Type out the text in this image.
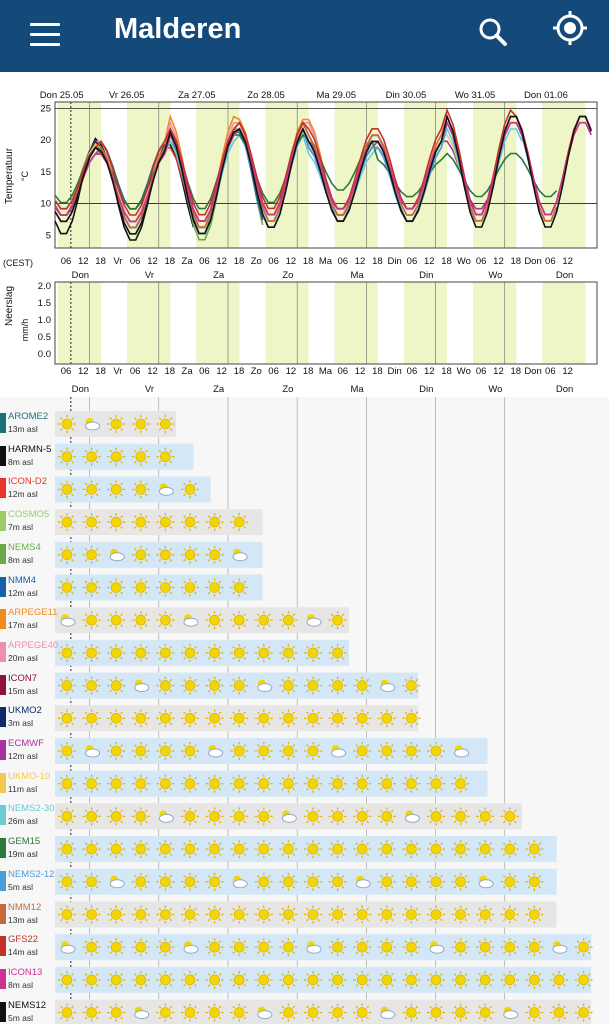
Malderen
Don 25.05	Vr 26.05	Za 27.05	Zo 28.05	Ma 29.05	Din 30.05	Wo 31.05	Don 01.06
25
20
15
10
5
Temperatuur °C
06 12 18 Vr 06 12 18 Za 06 12 18 Zo 06 12 18 Ma 06 12 18 Din 06 12 18 Wo 06 12 18 Don 06 12
(CEST)
Don	Vr	Za	Zo	Ma	Din	Wo	Don
2.0
1.5
1.0
0.5
0.0
Neerslag
mm/h
06 12 18 Vr 06 12 18 Za 06 12 18 Zo 06 12 18 Ma 06 12 18 Din 06 12 18 Wo 06 12 18 Don 06 12
Don	Vr	Za	Zo	Ma	Din	Wo	Don
AROME2
13m asl
HARMN-5
8m asl
ICON-D2
12m asl
COSMO5
7m asl
NEMS4
8m asl
NMM4
12m asl
ARPEGE11
17m asl
ARPEGE40
20m asl
ICON7
15m asl
UKMO2
3m asl
ECMWF
12m asl
UKMO-10
11m asl
NEMS2-30
26m asl
GEM15
19m asl
NEMS2-12
5m asl
NMM12
13m asl
GFS22
14m asl
ICON13
8m asl
NEMS12
5m asl
